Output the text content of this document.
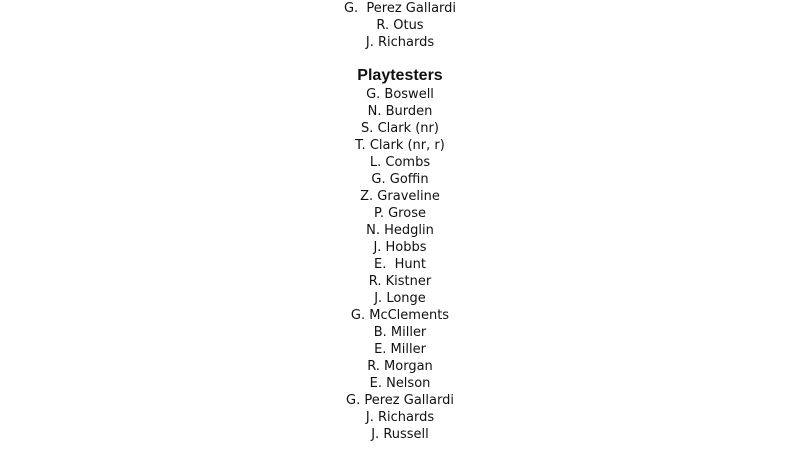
G.  Perez Gallardi
R. Otus
J. Richards
Playtesters
G. Boswell
N. Burden
S. Clark (nr)
T. Clark (nr, r)
L. Combs
G. Goffin
Z. Graveline
P. Grose
N. Hedglin
J. Hobbs
E.  Hunt
R. Kistner
J. Longe
G. McClements
B. Miller
E. Miller
R. Morgan
E. Nelson
G. Perez Gallardi
J. Richards
J. Russell
